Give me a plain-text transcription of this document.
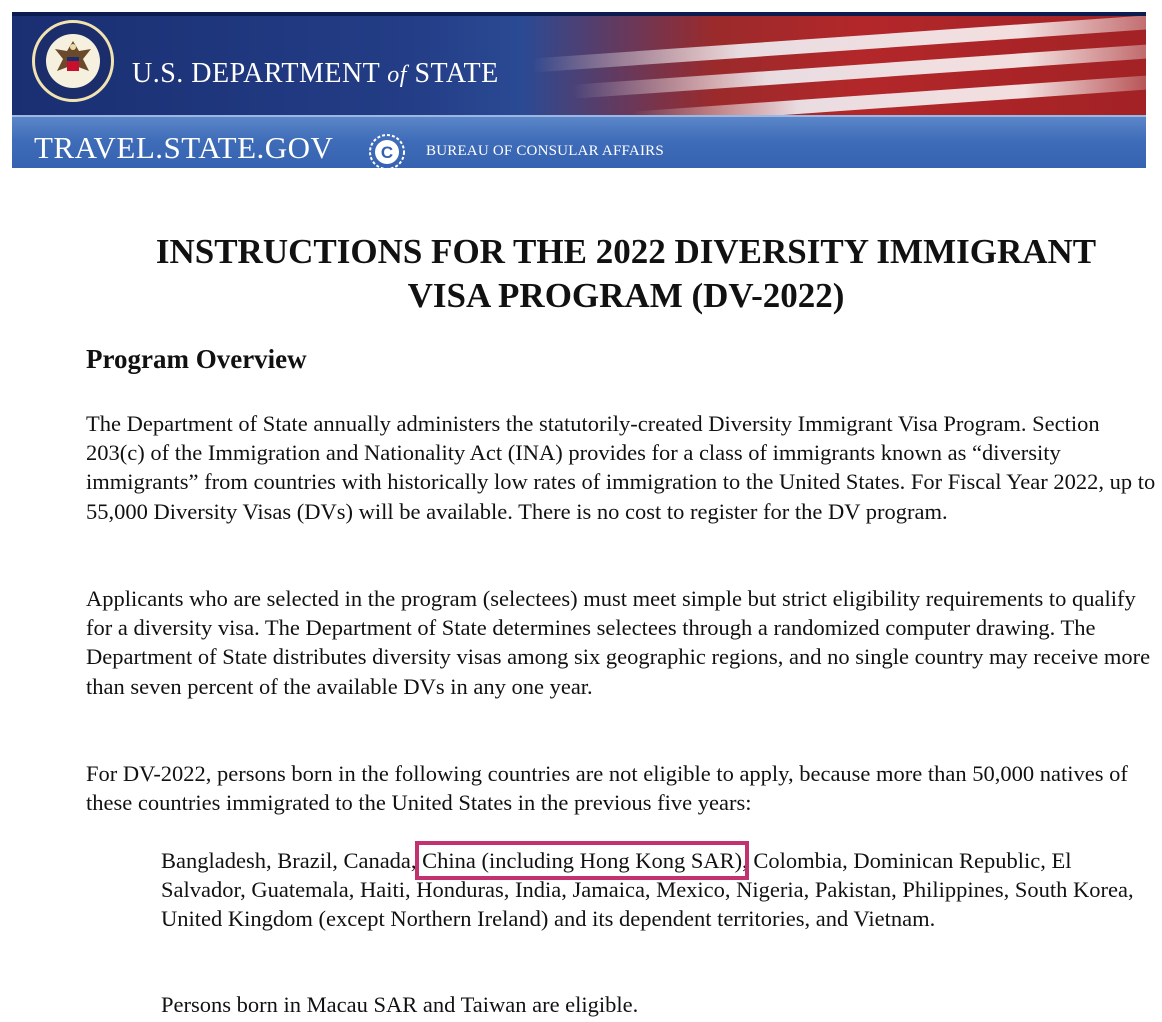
U.S. DEPARTMENT of STATE
TRAVEL.STATE.GOV	C BUREAU OF CONSULAR AFFAIRS
INSTRUCTIONS FOR THE 2022 DIVERSITY IMMIGRANT
VISA PROGRAM (DV-2022)
Program Overview

The Department of State annually administers the statutorily-created Diversity Immigrant Visa Program. Section 203(c) of the Immigration and Nationality Act (INA) provides for a class of immigrants known as “diversity immigrants” from countries with historically low rates of immigration to the United States. For Fiscal Year 2022, up to 55,000 Diversity Visas (DVs) will be available. There is no cost to register for the DV program.

Applicants who are selected in the program (selectees) must meet simple but strict eligibility requirements to qualify for a diversity visa. The Department of State determines selectees through a randomized computer drawing. The Department of State distributes diversity visas among six geographic regions, and no single country may receive more than seven percent of the available DVs in any one year.

For DV-2022, persons born in the following countries are not eligible to apply, because more than 50,000 natives of these countries immigrated to the United States in the previous five years:

Bangladesh, Brazil, Canada, China (including Hong Kong SAR), Colombia, Dominican Republic, El Salvador, Guatemala, Haiti, Honduras, India, Jamaica, Mexico, Nigeria, Pakistan, Philippines, South Korea, United Kingdom (except Northern Ireland) and its dependent territories, and Vietnam.

Persons born in Macau SAR and Taiwan are eligible.
